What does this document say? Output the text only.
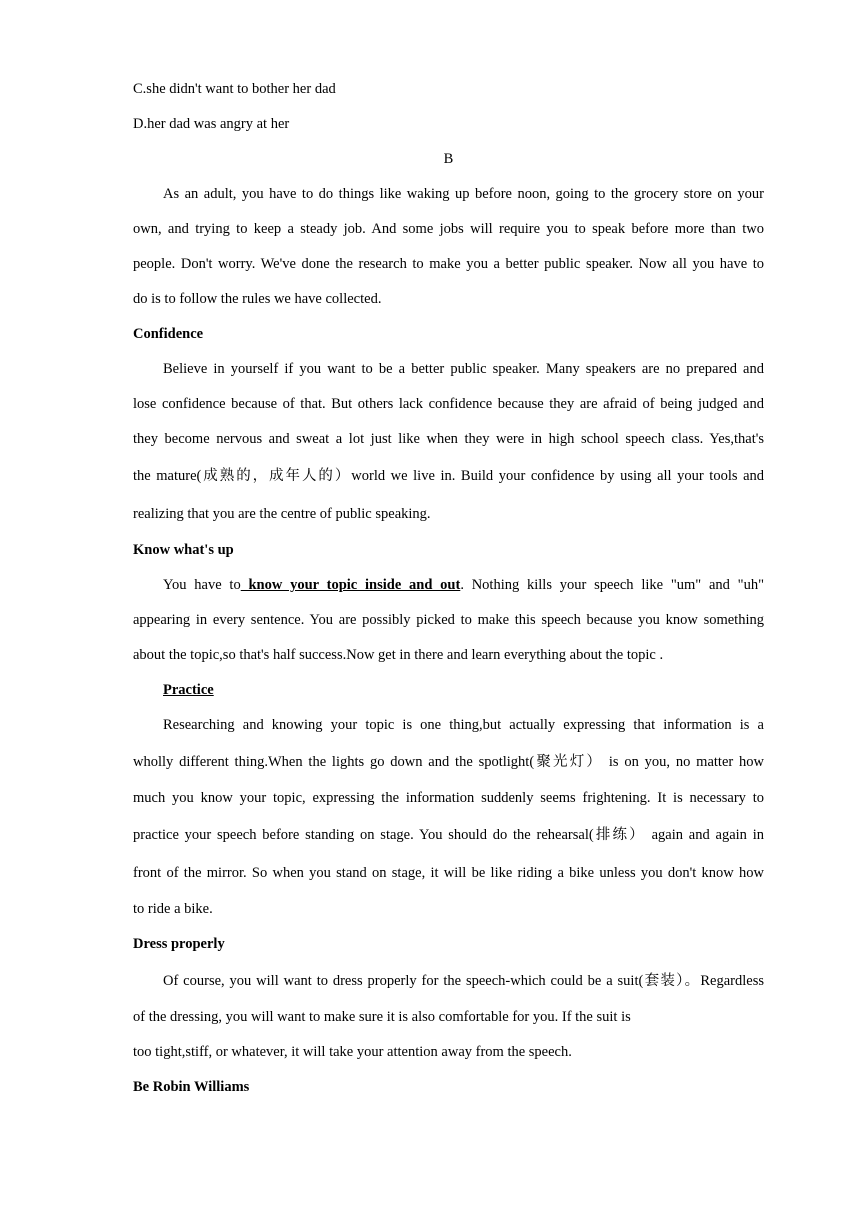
C.she didn't want to bother her dad
D.her dad was angry at her
B
As an adult, you have to do things like waking up before noon, going to the grocery store on your
own, and trying to keep a steady job. And some jobs will require you to speak before more than two
people. Don't worry. We've done the research to make you a better public speaker. Now all you have to
do is to follow the rules we have collected.
Confidence
Believe in yourself if you want to be a better public speaker. Many speakers are no prepared and
lose confidence because of that. But others lack confidence because they are afraid of being judged and
they become nervous and sweat a lot just like when they were in high school speech class. Yes,that's
the mature(成熟的，成年人的）world we live in. Build your confidence by using all your tools and
realizing that you are the centre of public speaking.
Know what's up
You have to know your topic inside and out. Nothing kills your speech like "um" and "uh"
appearing in every sentence. You are possibly picked to make this speech because you know something
about the topic,so that's half success.Now get in there and learn everything about the topic .
Practice
Researching and knowing your topic is one thing,but actually expressing that information is a
wholly different thing.When the lights go down and the spotlight(聚光灯） is on you, no matter how
much you know your topic, expressing the information suddenly seems frightening. It is necessary to
practice your speech before standing on stage. You should do the rehearsal(排练） again and again in
front of the mirror. So when you stand on stage, it will be like riding a bike unless you don't know how
to ride a bike.
Dress properly
Of course, you will want to dress properly for the speech-which could be a suit(套装）。Regardless
of the dressing, you will want to make sure it is also comfortable for you. If the suit is
too tight,stiff, or whatever, it will take your attention away from the speech.
Be Robin Williams
